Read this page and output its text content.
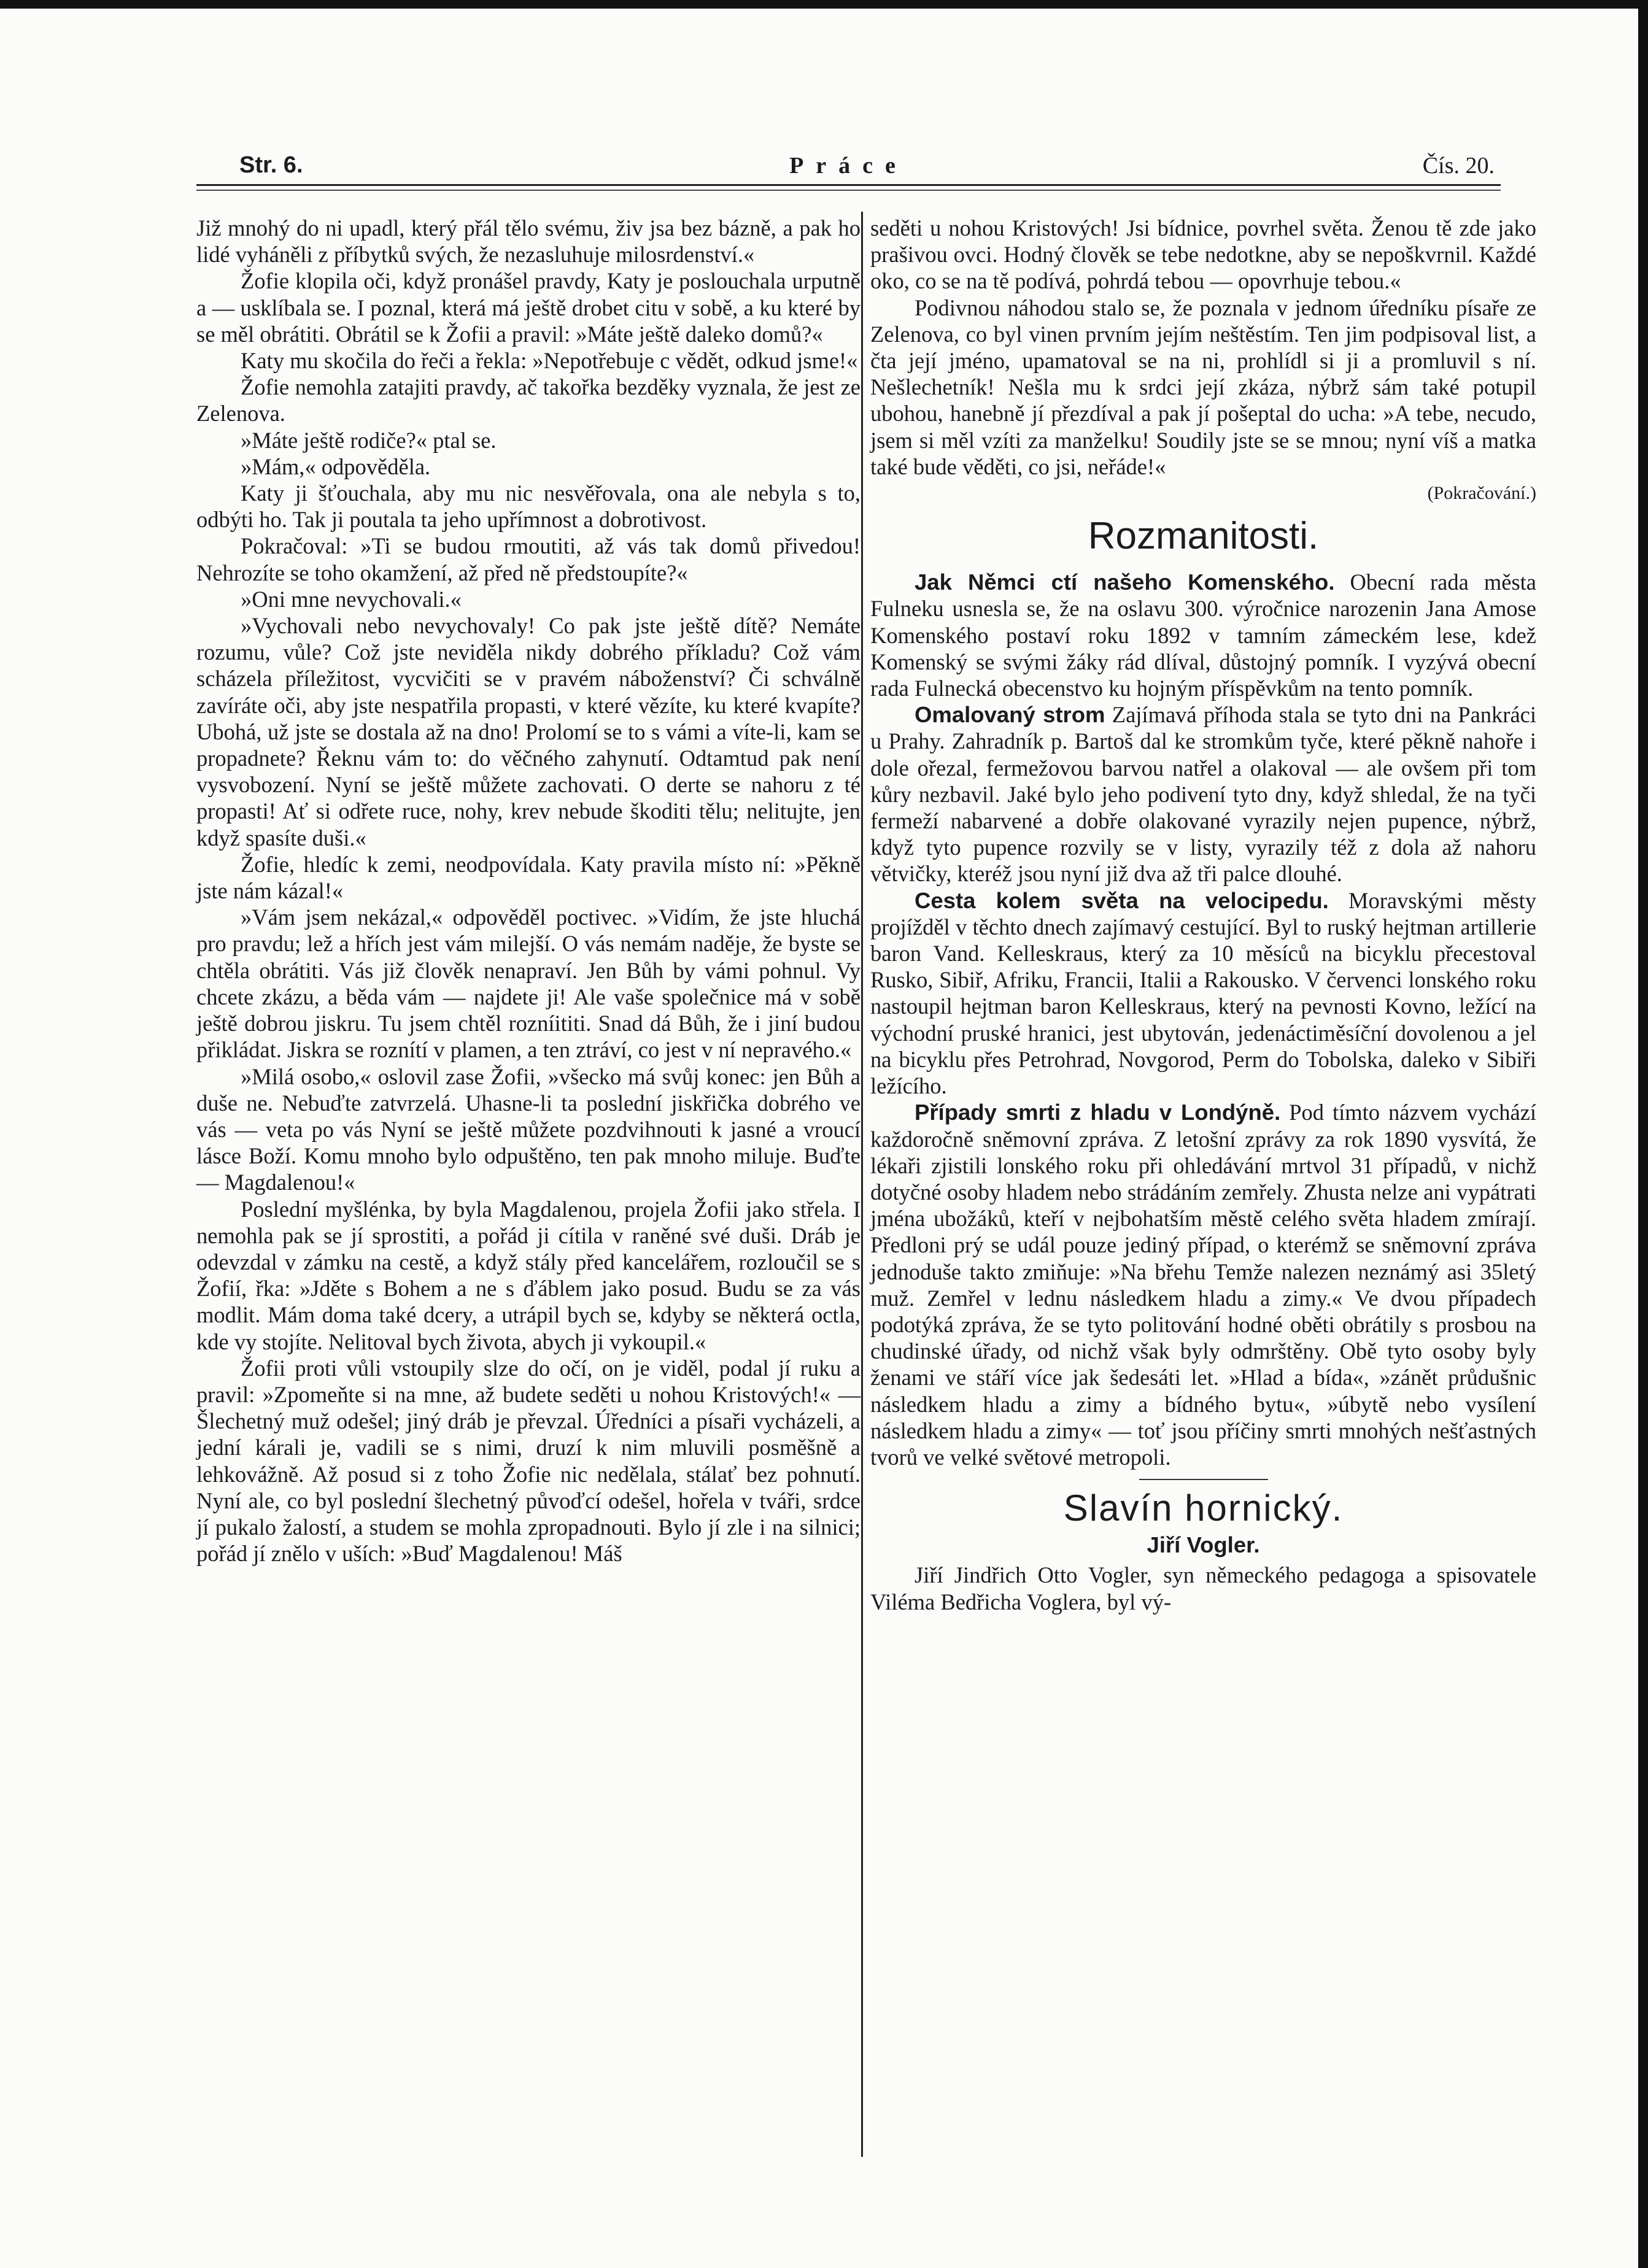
Str. 6.	Práce	Čís. 20.

Již mnohý do ni upadl, který přál tělo svému, živ jsa bez bázně, a pak ho lidé vyháněli z příbytků svých, že nezasluhuje milosrdenství.«

Žofie klopila oči, když pronášel pravdy, Katy je poslouchala urputně a — usklíbala se. I poznal, která má ještě drobet citu v sobě, a ku které by se měl obrátiti. Obrátil se k Žofii a pravil: »Máte ještě daleko domů?«

Katy mu skočila do řeči a řekla: »Nepotřebuje c vědět, odkud jsme!«

Žofie nemohla zatajiti pravdy, ač takořka bezděky vyznala, že jest ze Zelenova.

»Máte ještě rodiče?« ptal se.

»Mám,« odpověděla.

Katy ji šťouchala, aby mu nic nesvěřovala, ona ale nebyla s to, odbýti ho. Tak ji poutala ta jeho upřímnost a dobrotivost.

Pokračoval: »Ti se budou rmoutiti, až vás tak domů přivedou! Nehrozíte se toho okamžení, až před ně předstoupíte?«

»Oni mne nevychovali.«

»Vychovali nebo nevychovaly! Co pak jste ještě dítě? Nemáte rozumu, vůle? Což jste neviděla nikdy dobrého příkladu? Což vám scházela příležitost, vycvičiti se v pravém náboženství? Či schválně zavíráte oči, aby jste nespatřila propasti, v které vězíte, ku které kvapíte? Ubohá, už jste se dostala až na dno! Prolomí se to s vámi a víte-li, kam se propadnete? Řeknu vám to: do věčného zahynutí. Odtamtud pak není vysvobození. Nyní se ještě můžete zachovati. O derte se nahoru z té propasti! Ať si odřete ruce, nohy, krev nebude škoditi tělu; nelitujte, jen když spasíte duši.«

Žofie, hledíc k zemi, neodpovídala. Katy pravila místo ní: »Pěkně jste nám kázal!«

»Vám jsem nekázal,« odpověděl poctivec. »Vidím, že jste hluchá pro pravdu; lež a hřích jest vám milejší. O vás nemám naděje, že byste se chtěla obrátiti. Vás již člověk nenapraví. Jen Bůh by vámi pohnul. Vy chcete zkázu, a běda vám — najdete ji! Ale vaše společnice má v sobě ještě dobrou jiskru. Tu jsem chtěl rozníititi. Snad dá Bůh, že i jiní budou přikládat. Jiskra se roznítí v plamen, a ten ztráví, co jest v ní nepravého.«

»Milá osobo,« oslovil zase Žofii, »všecko má svůj konec: jen Bůh a duše ne. Nebuďte zatvrzelá. Uhasne-li ta poslední jiskřička dobrého ve vás — veta po vás Nyní se ještě můžete pozdvihnouti k jasné a vroucí lásce Boží. Komu mnoho bylo odpuštěno, ten pak mnoho miluje. Buďte — Magdalenou!«

Poslední myšlénka, by byla Magdalenou, projela Žofii jako střela. I nemohla pak se jí sprostiti, a pořád ji cítila v raněné své duši. Dráb je odevzdal v zámku na cestě, a když stály před kancelářem, rozloučil se s Žofií, řka: »Jděte s Bohem a ne s ďáblem jako posud. Budu se za vás modlit. Mám doma také dcery, a utrápil bych se, kdyby se některá octla, kde vy stojíte. Nelitoval bych života, abych ji vykoupil.«

Žofii proti vůli vstoupily slze do očí, on je viděl, podal jí ruku a pravil: »Zpomeňte si na mne, až budete seděti u nohou Kristových!« — Šlechetný muž odešel; jiný dráb je převzal. Úředníci a písaři vycházeli, a jední kárali je, vadili se s nimi, druzí k nim mluvili posměšně a lehkovážně. Až posud si z toho Žofie nic nedělala, stálať bez pohnutí. Nyní ale, co byl poslední šlechetný půvoďcí odešel, hořela v tváři, srdce jí pukalo žalostí, a studem se mohla zpropadnouti. Bylo jí zle i na silnici; pořád jí znělo v uších: »Buď Magdalenou! Máš

seděti u nohou Kristových! Jsi bídnice, povrhel světa. Ženou tě zde jako prašivou ovci. Hodný člověk se tebe nedotkne, aby se nepoškvrnil. Každé oko, co se na tě podívá, pohrdá tebou — opovrhuje tebou.«

Podivnou náhodou stalo se, že poznala v jednom úředníku písaře ze Zelenova, co byl vinen prvním jejím neštěstím. Ten jim podpisoval list, a čta její jméno, upamatoval se na ni, prohlídl si ji a promluvil s ní. Nešlechetník! Nešla mu k srdci její zkáza, nýbrž sám také potupil ubohou, hanebně jí přezdíval a pak jí pošeptal do ucha: »A tebe, necudo, jsem si měl vzíti za manželku! Soudily jste se se mnou; nyní víš a matka také bude věděti, co jsi, neřáde!«

(Pokračování.)
Rozmanitosti.

Jak Němci ctí našeho Komenského. Obecní rada města Fulneku usnesla se, že na oslavu 300. výročnice narozenin Jana Amose Komenského postaví roku 1892 v tamním zámeckém lese, kdež Komenský se svými žáky rád dlíval, důstojný pomník. I vyzývá obecní rada Fulnecká obecenstvo ku hojným příspěvkům na tento pomník.

Omalovaný strom Zajímavá příhoda stala se tyto dni na Pankráci u Prahy. Zahradník p. Bartoš dal ke stromkům tyče, které pěkně nahoře i dole ořezal, fermežovou barvou natřel a olakoval — ale ovšem při tom kůry nezbavil. Jaké bylo jeho podivení tyto dny, když shledal, že na tyči fermeží nabarvené a dobře olakované vyrazily nejen pupence, nýbrž, když tyto pupence rozvily se v listy, vyrazily též z dola až nahoru větvičky, kteréž jsou nyní již dva až tři palce dlouhé.

Cesta kolem světa na velocipedu. Moravskými městy projížděl v těchto dnech zajímavý cestující. Byl to ruský hejtman artillerie baron Vand. Kelleskraus, který za 10 měsíců na bicyklu přecestoval Rusko, Sibiř, Afriku, Francii, Italii a Rakousko. V červenci lonského roku nastoupil hejtman baron Kelleskraus, který na pevnosti Kovno, ležící na východní pruské hranici, jest ubytován, jedenáctiměsíční dovolenou a jel na bicyklu přes Petrohrad, Novgorod, Perm do Tobolska, daleko v Sibiři ležícího.

Případy smrti z hladu v Londýně. Pod tímto názvem vychází každoročně sněmovní zpráva. Z letošní zprávy za rok 1890 vysvítá, že lékaři zjistili lonského roku při ohledávání mrtvol 31 případů, v nichž dotyčné osoby hladem nebo strádáním zemřely. Zhusta nelze ani vypátrati jména ubožáků, kteří v nejbohatším městě celého světa hladem zmírají. Předloni prý se udál pouze jediný případ, o kterémž se sněmovní zpráva jednoduše takto zmiňuje: »Na břehu Temže nalezen neznámý asi 35letý muž. Zemřel v lednu následkem hladu a zimy.« Ve dvou případech podotýká zpráva, že se tyto politování hodné oběti obrátily s prosbou na chudinské úřady, od nichž však byly odmrštěny. Obě tyto osoby byly ženami ve stáří více jak šedesáti let. »Hlad a bída«, »zánět průdušnic následkem hladu a zimy a bídného bytu«, »úbytě nebo vysílení následkem hladu a zimy« — toť jsou příčiny smrti mnohých nešťastných tvorů ve velké světové metropoli.

Slavín hornický.
Jiří Vogler.

Jiří Jindřich Otto Vogler, syn německého pedagoga a spisovatele Viléma Bedřicha Voglera, byl vý-
